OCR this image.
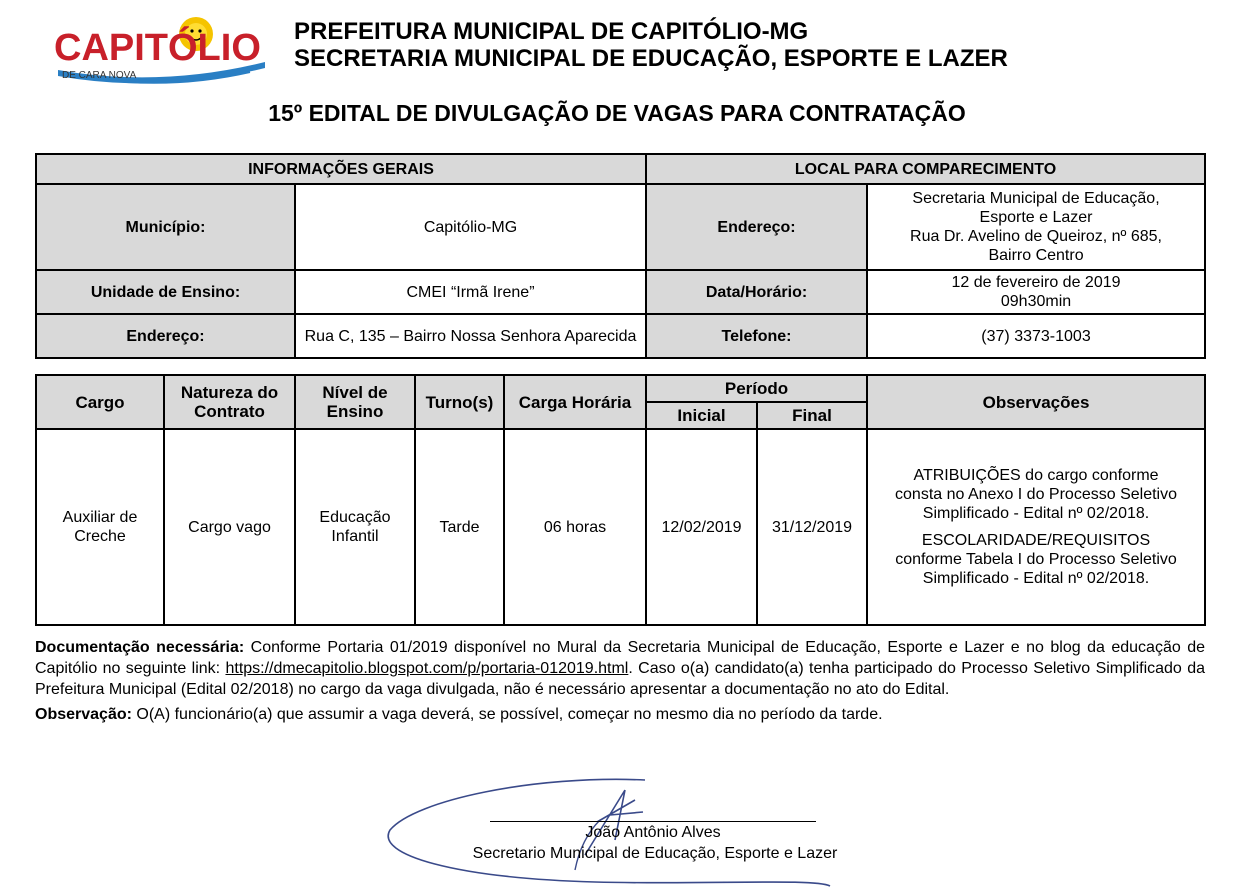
CAPITÓLIO
DE CARA NOVA
PREFEITURA MUNICIPAL DE CAPITÓLIO-MG
SECRETARIA MUNICIPAL DE EDUCAÇÃO, ESPORTE E LAZER
15º EDITAL DE DIVULGAÇÃO DE VAGAS PARA CONTRATAÇÃO
INFORMAÇÕES GERAIS		LOCAL PARA COMPARECIMENTO	
Município:	Capitólio-MG	Endereço:	Secretaria Municipal de Educação,
Esporte e Lazer
Rua Dr. Avelino de Queiroz, nº 685,
Bairro Centro

Unidade de Ensino:	CMEI “Irmã Irene”	Data/Horário:	12 de fevereiro de 2019
09h30min

Endereço:	Rua C, 135 – Bairro Nossa Senhora Aparecida	Telefone:	(37) 3373-1003
Cargo	Natureza do Contrato	Nível de Ensino	Turno(s)	Carga Horária	Período		Observações
					Inicial	Final	
Auxiliar de Creche	Cargo vago	Educação Infantil	Tarde	06 horas	12/02/2019	31/12/2019	ATRIBUIÇÕES do cargo conforme consta no Anexo I do Processo Seletivo Simplificado - Edital nº 02/2018.

ESCOLARIDADE/REQUISITOS conforme Tabela I do Processo Seletivo Simplificado - Edital nº 02/2018.

Documentação necessária: Conforme Portaria 01/2019 disponível no Mural da Secretaria Municipal de Educação, Esporte e Lazer e no blog da educação de Capitólio no seguinte link: https://dmecapitolio.blogspot.com/p/portaria-012019.html. Caso o(a) candidato(a) tenha participado do Processo Seletivo Simplificado da Prefeitura Municipal (Edital 02/2018) no cargo da vaga divulgada, não é necessário apresentar a documentação no ato do Edital.

Observação: O(A) funcionário(a) que assumir a vaga deverá, se possível, começar no mesmo dia no período da tarde.

João Antônio Alves
Secretario Municipal de Educação, Esporte e Lazer
